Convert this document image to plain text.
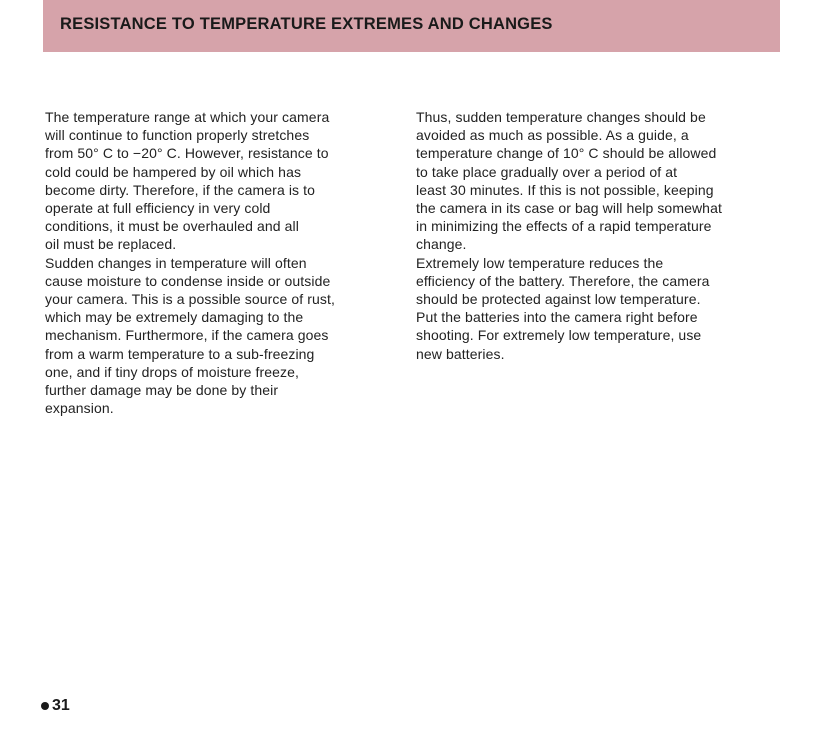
RESISTANCE TO TEMPERATURE EXTREMES AND CHANGES
The temperature range at which your camera
will continue to function properly stretches
from 50° C to −20° C. However, resistance to
cold could be hampered by oil which has
become dirty. Therefore, if the camera is to
operate at full efficiency in very cold
conditions, it must be overhauled and all
oil must be replaced.
Sudden changes in temperature will often
cause moisture to condense inside or outside
your camera. This is a possible source of rust,
which may be extremely damaging to the
mechanism. Furthermore, if the camera goes
from a warm temperature to a sub-freezing
one, and if tiny drops of moisture freeze,
further damage may be done by their
expansion.
Thus, sudden temperature changes should be
avoided as much as possible. As a guide, a
temperature change of 10° C should be allowed
to take place gradually over a period of at
least 30 minutes. If this is not possible, keeping
the camera in its case or bag will help somewhat
in minimizing the effects of a rapid temperature
change.
Extremely low temperature reduces the
efficiency of the battery. Therefore, the camera
should be protected against low temperature.
Put the batteries into the camera right before
shooting. For extremely low temperature, use
new batteries.
31
